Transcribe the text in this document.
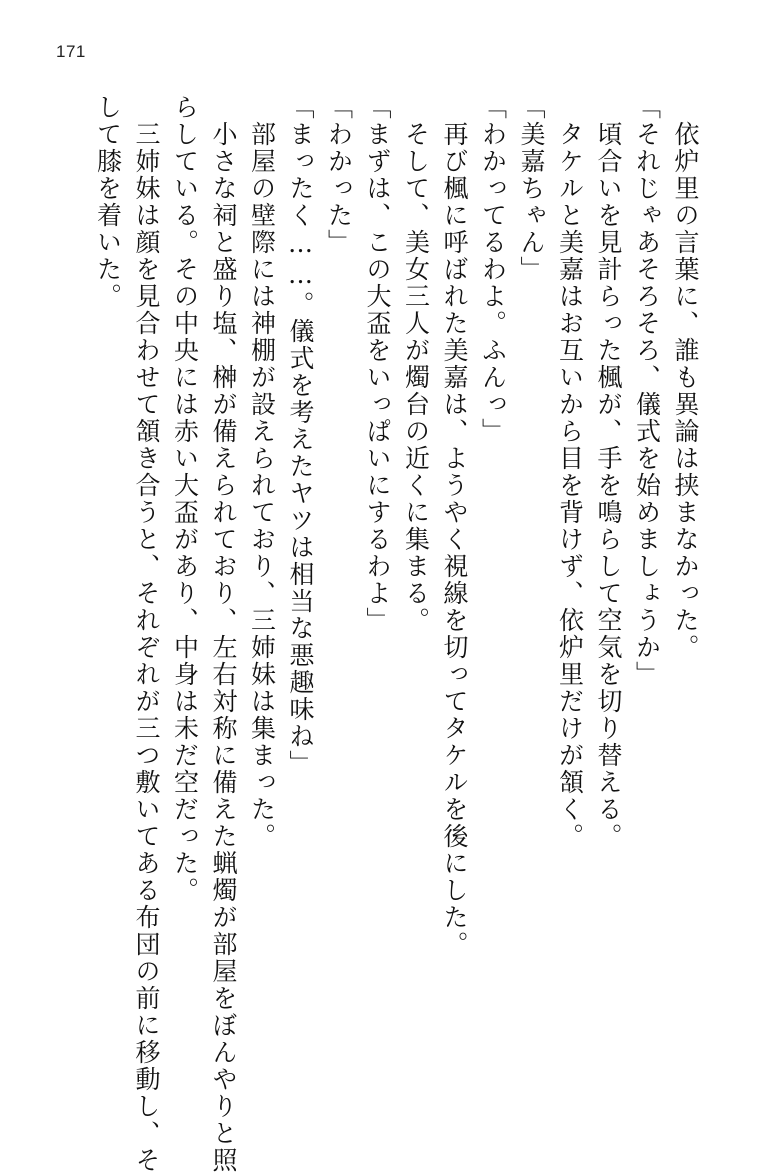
171

　依炉里の言葉に、誰も異論は挟まなかった。

「それじゃあそろそろ、儀式を始めましょうか」

　頃合いを見計らった楓が、手を鳴らして空気を切り替える。

　タケルと美嘉はお互いから目を背けず、依炉里だけが頷く。

「美嘉ちゃん」

「わかってるわよ。ふんっ」

　再び楓に呼ばれた美嘉は、ようやく視線を切ってタケルを後にした。

　そして、美女三人が燭台の近くに集まる。

「まずは、この大盃をいっぱいにするわよ」

「わかった」

「まったく……。儀式を考えたヤツは相当な悪趣味ね」

　部屋の壁際には神棚が設えられており、三姉妹は集まった。

　小さな祠と盛り塩、榊が備えられており、左右対称に備えた蝋燭が部屋をぼんやりと照

らしている。その中央には赤い大盃があり、中身は未だ空だった。

　三姉妹は顔を見合わせて頷き合うと、それぞれが三つ敷いてある布団の前に移動し、そ

して膝を着いた。
